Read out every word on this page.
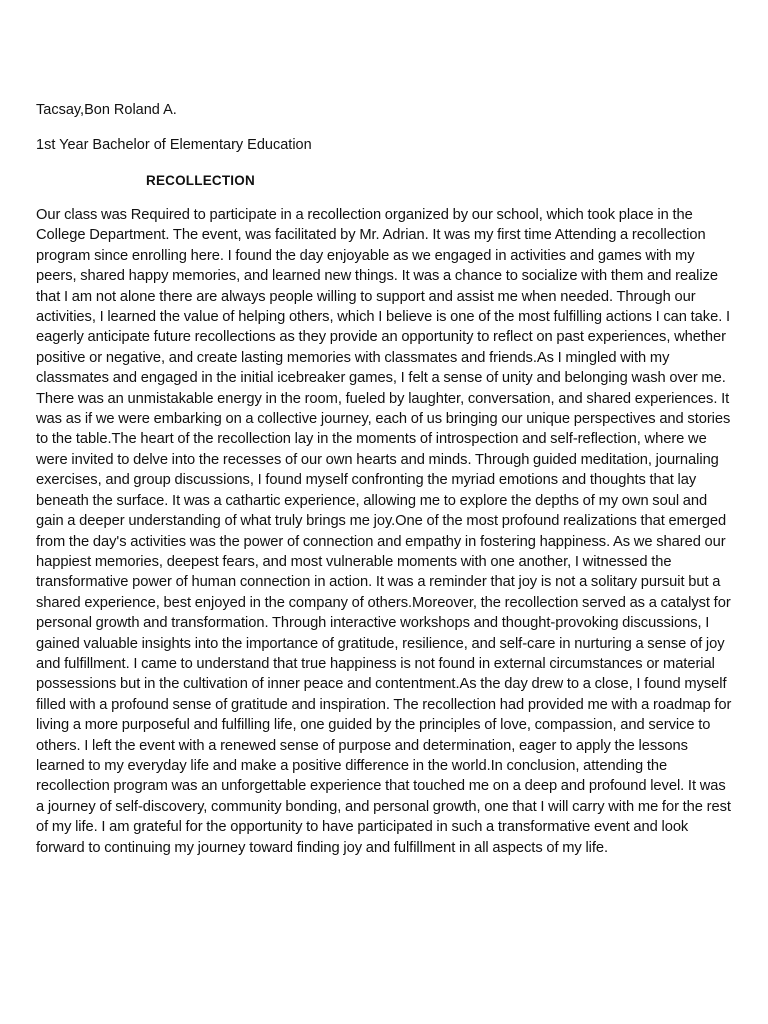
Tacsay,Bon Roland A.
1st Year Bachelor of Elementary Education
RECOLLECTION
Our class was Required to participate in a recollection organized by our school, which took place in the College Department. The event, was facilitated by Mr. Adrian. It was my first time Attending a recollection program since enrolling here. I found the day enjoyable as we engaged in activities and games with my peers, shared happy memories, and learned new things. It was a chance to socialize with them and realize that I am not alone there are always people willing to support and assist me when needed. Through our activities, I learned the value of helping others, which I believe is one of the most fulfilling actions I can take. I eagerly anticipate future recollections as they provide an opportunity to reflect on past experiences, whether positive or negative, and create lasting memories with classmates and friends.As I mingled with my classmates and engaged in the initial icebreaker games, I felt a sense of unity and belonging wash over me. There was an unmistakable energy in the room, fueled by laughter, conversation, and shared experiences. It was as if we were embarking on a collective journey, each of us bringing our unique perspectives and stories to the table.The heart of the recollection lay in the moments of introspection and self-reflection, where we were invited to delve into the recesses of our own hearts and minds. Through guided meditation, journaling exercises, and group discussions, I found myself confronting the myriad emotions and thoughts that lay beneath the surface. It was a cathartic experience, allowing me to explore the depths of my own soul and gain a deeper understanding of what truly brings me joy.One of the most profound realizations that emerged from the day's activities was the power of connection and empathy in fostering happiness. As we shared our happiest memories, deepest fears, and most vulnerable moments with one another, I witnessed the transformative power of human connection in action. It was a reminder that joy is not a solitary pursuit but a shared experience, best enjoyed in the company of others.Moreover, the recollection served as a catalyst for personal growth and transformation. Through interactive workshops and thought-provoking discussions, I gained valuable insights into the importance of gratitude, resilience, and self-care in nurturing a sense of joy and fulfillment. I came to understand that true happiness is not found in external circumstances or material possessions but in the cultivation of inner peace and contentment.As the day drew to a close, I found myself filled with a profound sense of gratitude and inspiration. The recollection had provided me with a roadmap for living a more purposeful and fulfilling life, one guided by the principles of love, compassion, and service to others. I left the event with a renewed sense of purpose and determination, eager to apply the lessons learned to my everyday life and make a positive difference in the world.In conclusion, attending the recollection program was an unforgettable experience that touched me on a deep and profound level. It was a journey of self-discovery, community bonding, and personal growth, one that I will carry with me for the rest of my life. I am grateful for the opportunity to have participated in such a transformative event and look forward to continuing my journey toward finding joy and fulfillment in all aspects of my life.
